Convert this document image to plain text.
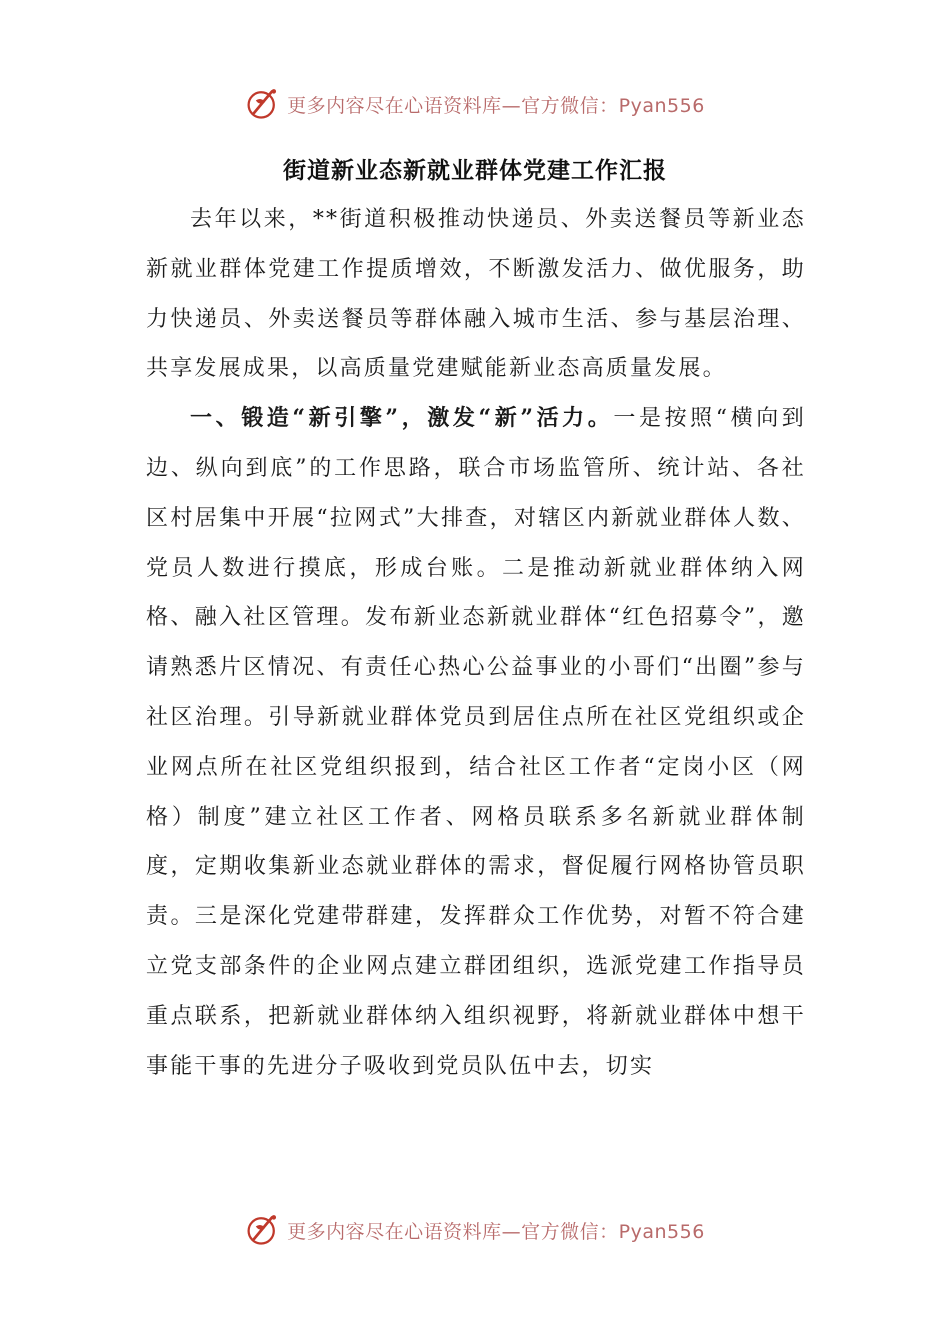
更多内容尽在心语资料库—官方微信：Pyan556
街道新业态新就业群体党建工作汇报

去年以来，**街道积极推动快递员、外卖送餐员等新业态新就业群体党建工作提质增效，不断激发活力、做优服务，助力快递员、外卖送餐员等群体融入城市生活、参与基层治理、共享发展成果，以高质量党建赋能新业态高质量发展。

一、锻造“新引擎”，激发“新”活力。一是按照“横向到边、纵向到底”的工作思路，联合市场监管所、统计站、各社区村居集中开展“拉网式”大排查，对辖区内新就业群体人数、党员人数进行摸底，形成台账。二是推动新就业群体纳入网格、融入社区管理。发布新业态新就业群体“红色招募令”，邀请熟悉片区情况、有责任心热心公益事业的小哥们“出圈”参与社区治理。引导新就业群体党员到居住点所在社区党组织或企业网点所在社区党组织报到，结合社区工作者“定岗小区（网格）制度”建立社区工作者、网格员联系多名新就业群体制度，定期收集新业态就业群体的需求，督促履行网格协管员职责。三是深化党建带群建，发挥群众工作优势，对暂不符合建立党支部条件的企业网点建立群团组织，选派党建工作指导员重点联系，把新就业群体纳入组织视野，将新就业群体中想干事能干事的先进分子吸收到党员队伍中去，切实

更多内容尽在心语资料库—官方微信：Pyan556
